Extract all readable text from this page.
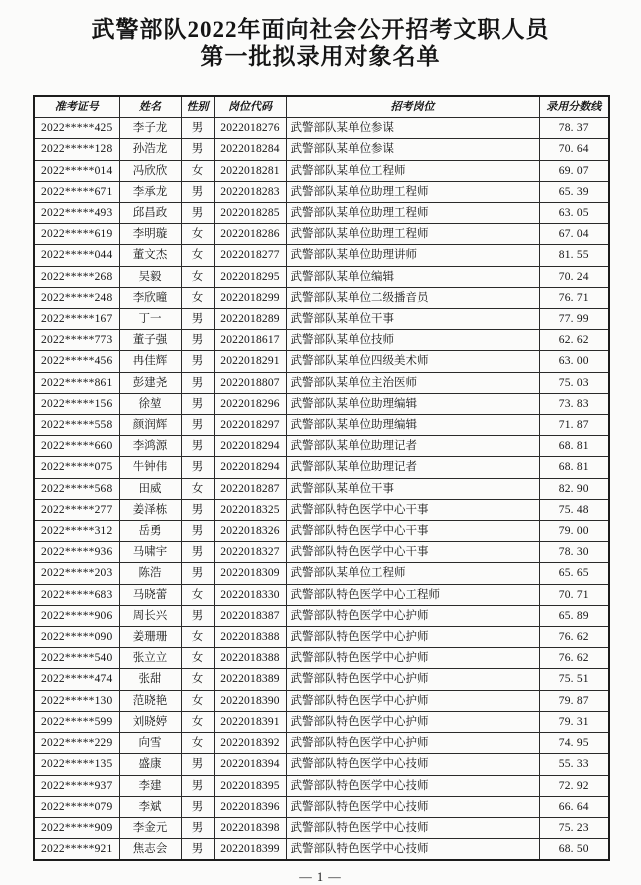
武警部队2022年面向社会公开招考文职人员
第一批拟录用对象名单
准考证号	姓名	性别	岗位代码	招考岗位	录用分数线
2022*****425	李子龙	男	2022018276	武警部队某单位参谋	78. 37
2022*****128	孙浩龙	男	2022018284	武警部队某单位参谋	70. 64
2022*****014	冯欣欣	女	2022018281	武警部队某单位工程师	69. 07
2022*****671	李承龙	男	2022018283	武警部队某单位助理工程师	65. 39
2022*****493	邱昌政	男	2022018285	武警部队某单位助理工程师	63. 05
2022*****619	李明璇	女	2022018286	武警部队某单位助理工程师	67. 04
2022*****044	董文杰	女	2022018277	武警部队某单位助理讲师	81. 55
2022*****268	吴毅	女	2022018295	武警部队某单位编辑	70. 24
2022*****248	李欣曈	女	2022018299	武警部队某单位二级播音员	76. 71
2022*****167	丁一	男	2022018289	武警部队某单位干事	77. 99
2022*****773	董子强	男	2022018617	武警部队某单位技师	62. 62
2022*****456	冉佳辉	男	2022018291	武警部队某单位四级美术师	63. 00
2022*****861	彭建尧	男	2022018807	武警部队某单位主治医师	75. 03
2022*****156	徐堃	男	2022018296	武警部队某单位助理编辑	73. 83
2022*****558	颜润辉	男	2022018297	武警部队某单位助理编辑	71. 87
2022*****660	李鸿源	男	2022018294	武警部队某单位助理记者	68. 81
2022*****075	牛钟伟	男	2022018294	武警部队某单位助理记者	68. 81
2022*****568	田威	女	2022018287	武警部队某单位干事	82. 90
2022*****277	姜泽栋	男	2022018325	武警部队特色医学中心干事	75. 48
2022*****312	岳勇	男	2022018326	武警部队特色医学中心干事	79. 00
2022*****936	马啸宇	男	2022018327	武警部队特色医学中心干事	78. 30
2022*****203	陈浩	男	2022018309	武警部队某单位工程师	65. 65
2022*****683	马晓蕾	女	2022018330	武警部队特色医学中心工程师	70. 71
2022*****906	周长兴	男	2022018387	武警部队特色医学中心护师	65. 89
2022*****090	姜珊珊	女	2022018388	武警部队特色医学中心护师	76. 62
2022*****540	张立立	女	2022018388	武警部队特色医学中心护师	76. 62
2022*****474	张甜	女	2022018389	武警部队特色医学中心护师	75. 51
2022*****130	范晓艳	女	2022018390	武警部队特色医学中心护师	79. 87
2022*****599	刘晓婷	女	2022018391	武警部队特色医学中心护师	79. 31
2022*****229	向雪	女	2022018392	武警部队特色医学中心护师	74. 95
2022*****135	盛康	男	2022018394	武警部队特色医学中心技师	55. 33
2022*****937	李建	男	2022018395	武警部队特色医学中心技师	72. 92
2022*****079	李斌	男	2022018396	武警部队特色医学中心技师	66. 64
2022*****909	李金元	男	2022018398	武警部队特色医学中心技师	75. 23
2022*****921	焦志会	男	2022018399	武警部队特色医学中心技师	68. 50
— 1 —
